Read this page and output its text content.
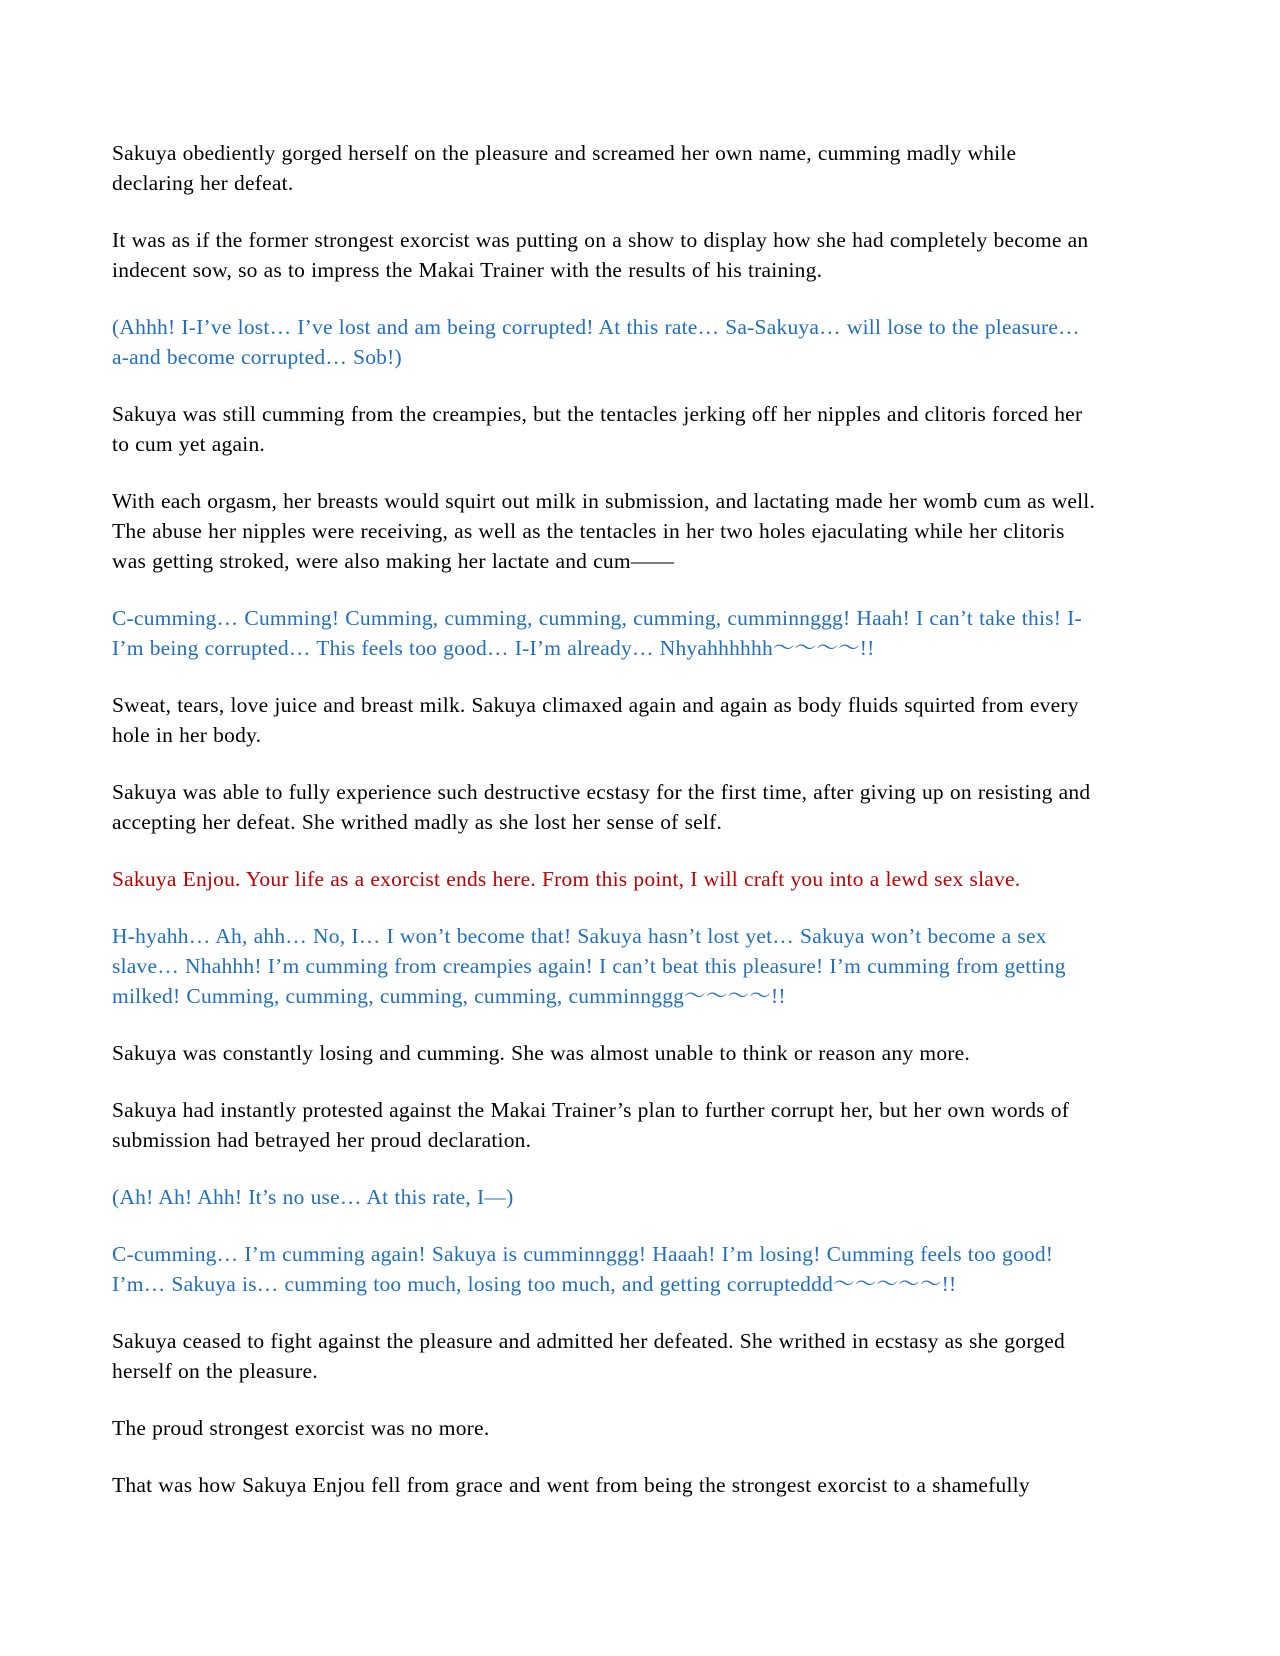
Sakuya obediently gorged herself on the pleasure and screamed her own name, cumming madly while declaring her defeat.

It was as if the former strongest exorcist was putting on a show to display how she had completely become an indecent sow, so as to impress the Makai Trainer with the results of his training.

(Ahhh! I-I’ve lost… I’ve lost and am being corrupted! At this rate… Sa-Sakuya… will lose to the pleasure… a-and become corrupted… Sob!)

Sakuya was still cumming from the creampies, but the tentacles jerking off her nipples and clitoris forced her to cum yet again.

With each orgasm, her breasts would squirt out milk in submission, and lactating made her womb cum as well. The abuse her nipples were receiving, as well as the tentacles in her two holes ejaculating while her clitoris was getting stroked, were also making her lactate and cum——

C-cumming… Cumming! Cumming, cumming, cumming, cumming, cumminnggg! Haah! I can’t take this! I-I’m being corrupted… This feels too good… I-I’m already… Nhyahhhhhh〜〜〜〜!!

Sweat, tears, love juice and breast milk. Sakuya climaxed again and again as body fluids squirted from every hole in her body.

Sakuya was able to fully experience such destructive ecstasy for the first time, after giving up on resisting and accepting her defeat. She writhed madly as she lost her sense of self.

Sakuya Enjou. Your life as a exorcist ends here. From this point, I will craft you into a lewd sex slave.

H-hyahh… Ah, ahh… No, I… I won’t become that! Sakuya hasn’t lost yet… Sakuya won’t become a sex slave… Nhahhh! I’m cumming from creampies again! I can’t beat this pleasure! I’m cumming from getting milked! Cumming, cumming, cumming, cumming, cumminnggg〜〜〜〜!!

Sakuya was constantly losing and cumming. She was almost unable to think or reason any more.

Sakuya had instantly protested against the Makai Trainer’s plan to further corrupt her, but her own words of submission had betrayed her proud declaration.

(Ah! Ah! Ahh! It’s no use… At this rate, I—)

C-cumming… I’m cumming again! Sakuya is cumminnggg! Haaah! I’m losing! Cumming feels too good! I’m… Sakuya is… cumming too much, losing too much, and getting corrupteddd〜〜〜〜〜!!

Sakuya ceased to fight against the pleasure and admitted her defeated. She writhed in ecstasy as she gorged herself on the pleasure.

The proud strongest exorcist was no more.

That was how Sakuya Enjou fell from grace and went from being the strongest exorcist to a shamefully
